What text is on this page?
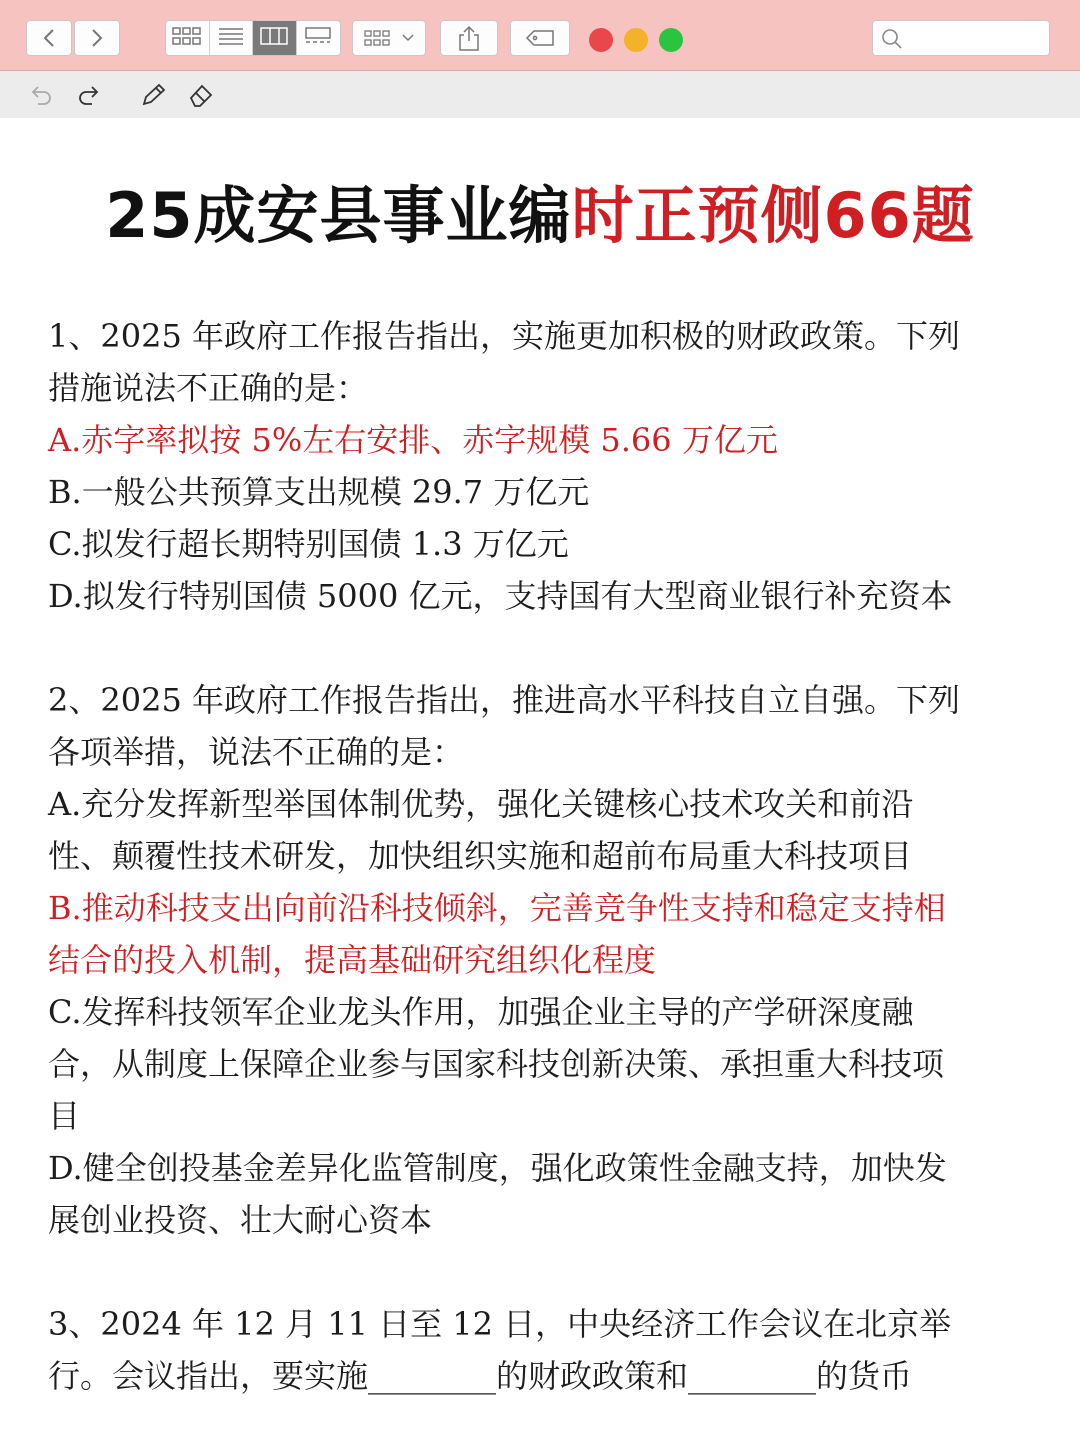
25成安县事业编时正预侧66题

1、2025 年政府工作报告指出，实施更加积极的财政政策。下列

措施说法不正确的是：

A.赤字率拟按 5%左右安排、赤字规模 5.66 万亿元

B.一般公共预算支出规模 29.7 万亿元

C.拟发行超长期特别国债 1.3 万亿元

D.拟发行特别国债 5000 亿元，支持国有大型商业银行补充资本

2、2025 年政府工作报告指出，推进高水平科技自立自强。下列

各项举措，说法不正确的是：

A.充分发挥新型举国体制优势，强化关键核心技术攻关和前沿

性、颠覆性技术研发，加快组织实施和超前布局重大科技项目

B.推动科技支出向前沿科技倾斜，完善竞争性支持和稳定支持相

结合的投入机制，提高基础研究组织化程度

C.发挥科技领军企业龙头作用，加强企业主导的产学研深度融

合，从制度上保障企业参与国家科技创新决策、承担重大科技项

目

D.健全创投基金差异化监管制度，强化政策性金融支持，加快发

展创业投资、壮大耐心资本

3、2024 年 12 月 11 日至 12 日，中央经济工作会议在北京举

行。会议指出，要实施________的财政政策和________的货币
